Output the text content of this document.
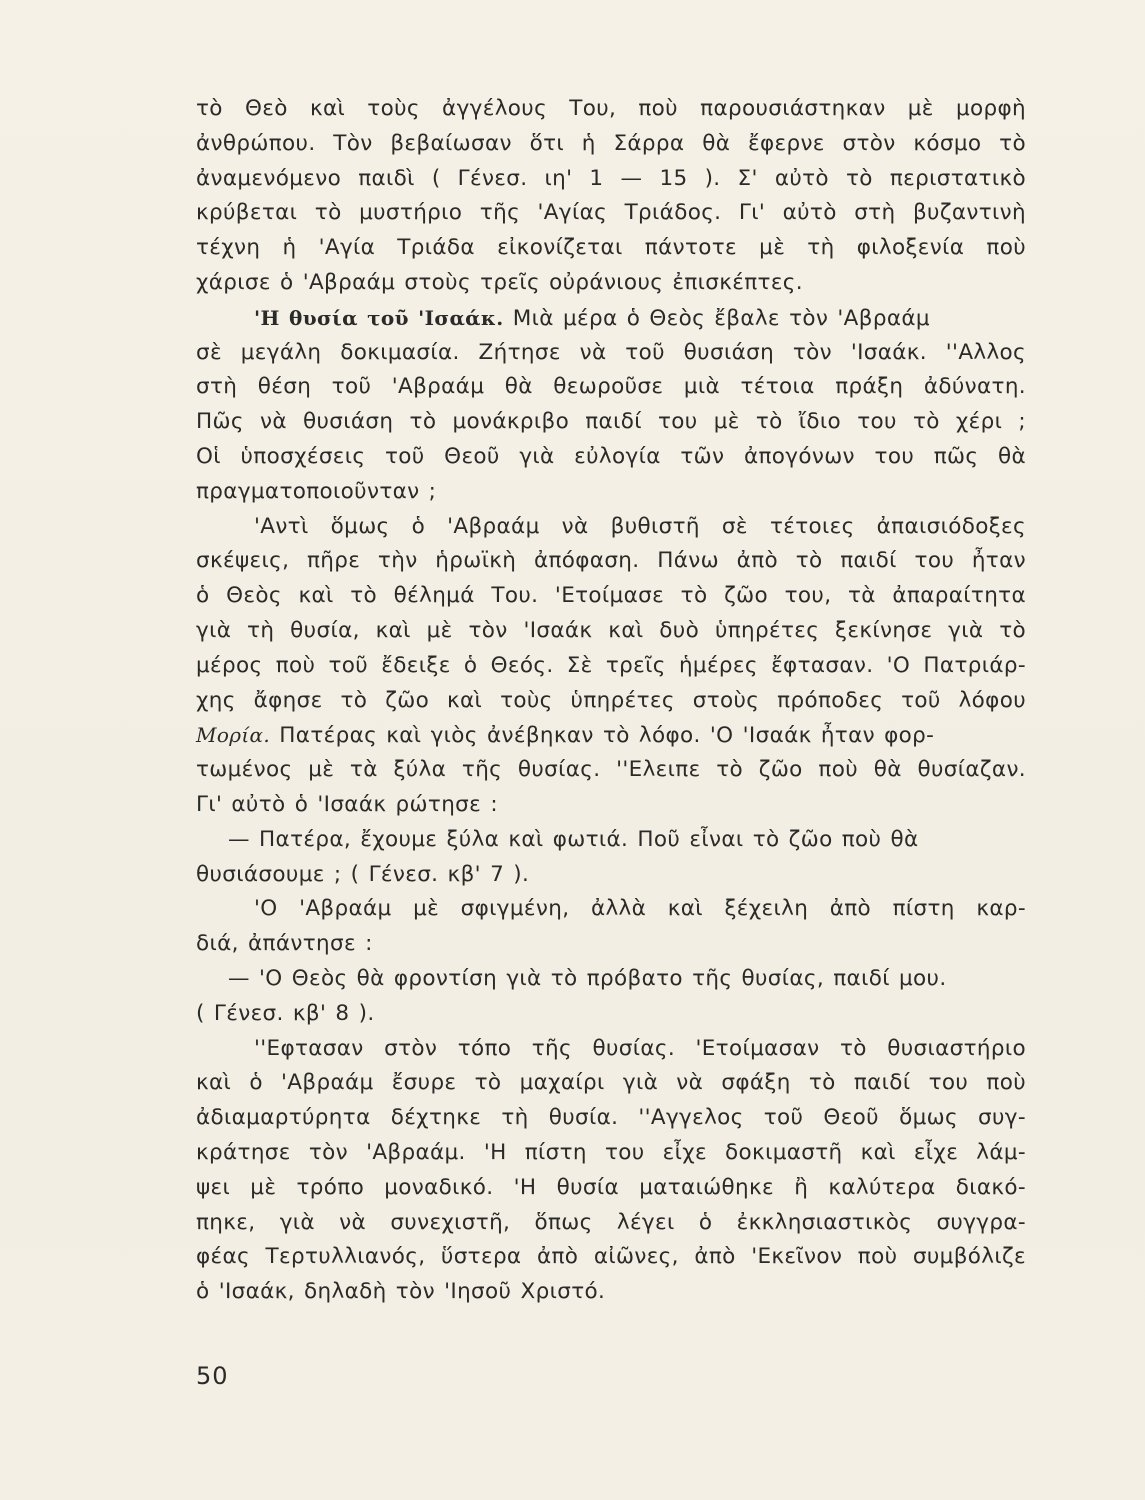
τὸ Θεὸ καὶ τοὺς ἀγγέλους Του, ποὺ παρουσιάστηκαν μὲ μορφὴ
ἀνθρώπου. Τὸν βεβαίωσαν ὅτι ἡ Σάρρα θὰ ἔφερνε στὸν κόσμο τὸ
ἀναμενόμενο παιδὶ ( Γένεσ. ιη' 1 — 15 ). Σ' αὐτὸ τὸ περιστατικὸ
κρύβεται τὸ μυστήριο τῆς 'Αγίας Τριάδος. Γι' αὐτὸ στὴ βυζαντινὴ
τέχνη ἡ 'Αγία Τριάδα εἰκονίζεται πάντοτε μὲ τὴ φιλοξενία ποὺ
χάρισε ὁ 'Αβραάμ στοὺς τρεῖς οὐράνιους ἐπισκέπτες.
'Η θυσία τοῦ 'Ισαάκ. Μιὰ μέρα ὁ Θεὸς ἔβαλε τὸν 'Αβραάμ
σὲ μεγάλη δοκιμασία. Ζήτησε νὰ τοῦ θυσιάση τὸν 'Ισαάκ. ''Αλλος
στὴ θέση τοῦ 'Αβραάμ θὰ θεωροῦσε μιὰ τέτοια πράξη ἀδύνατη.
Πῶς νὰ θυσιάση τὸ μονάκριβο παιδί του μὲ τὸ ἴδιο του τὸ χέρι ;
Οἱ ὑποσχέσεις τοῦ Θεοῦ γιὰ εὐλογία τῶν ἀπογόνων του πῶς θὰ
πραγματοποιοῦνταν ;
'Αντὶ ὅμως ὁ 'Αβραάμ νὰ βυθιστῆ σὲ τέτοιες ἀπαισιόδοξες
σκέψεις, πῆρε τὴν ἡρωϊκὴ ἀπόφαση. Πάνω ἀπὸ τὸ παιδί του ἦταν
ὁ Θεὸς καὶ τὸ θέλημά Του. 'Ετοίμασε τὸ ζῶο του, τὰ ἀπαραίτητα
γιὰ τὴ θυσία, καὶ μὲ τὸν 'Ισαάκ καὶ δυὸ ὑπηρέτες ξεκίνησε γιὰ τὸ
μέρος ποὺ τοῦ ἔδειξε ὁ Θεός. Σὲ τρεῖς ἡμέρες ἔφτασαν. 'Ο Πατριάρ-
χης ἄφησε τὸ ζῶο καὶ τοὺς ὑπηρέτες στοὺς πρόποδες τοῦ λόφου
Μορία. Πατέρας καὶ γιὸς ἀνέβηκαν τὸ λόφο. 'Ο 'Ισαάκ ἦταν φορ-
τωμένος μὲ τὰ ξύλα τῆς θυσίας. ''Ελειπε τὸ ζῶο ποὺ θὰ θυσίαζαν.
Γι' αὐτὸ ὁ 'Ισαάκ ρώτησε :
— Πατέρα, ἔχουμε ξύλα καὶ φωτιά. Ποῦ εἶναι τὸ ζῶο ποὺ θὰ
θυσιάσουμε ; ( Γένεσ. κβ' 7 ).
'Ο 'Αβραάμ μὲ σφιγμένη, ἀλλὰ καὶ ξέχειλη ἀπὸ πίστη καρ-
διά, ἀπάντησε :
— 'Ο Θεὸς θὰ φροντίση γιὰ τὸ πρόβατο τῆς θυσίας, παιδί μου.
( Γένεσ. κβ' 8 ).
''Εφτασαν στὸν τόπο τῆς θυσίας. 'Ετοίμασαν τὸ θυσιαστήριο
καὶ ὁ 'Αβραάμ ἔσυρε τὸ μαχαίρι γιὰ νὰ σφάξη τὸ παιδί του ποὺ
ἀδιαμαρτύρητα δέχτηκε τὴ θυσία. ''Αγγελος τοῦ Θεοῦ ὅμως συγ-
κράτησε τὸν 'Αβραάμ. 'Η πίστη του εἶχε δοκιμαστῆ καὶ εἶχε λάμ-
ψει μὲ τρόπο μοναδικό. 'Η θυσία ματαιώθηκε ἢ καλύτερα διακό-
πηκε, γιὰ νὰ συνεχιστῆ, ὅπως λέγει ὁ ἐκκλησιαστικὸς συγγρα-
φέας Τερτυλλιανός, ὕστερα ἀπὸ αἰῶνες, ἀπὸ 'Εκεῖνον ποὺ συμβόλιζε
ὁ 'Ισαάκ, δηλαδὴ τὸν 'Ιησοῦ Χριστό.
50
